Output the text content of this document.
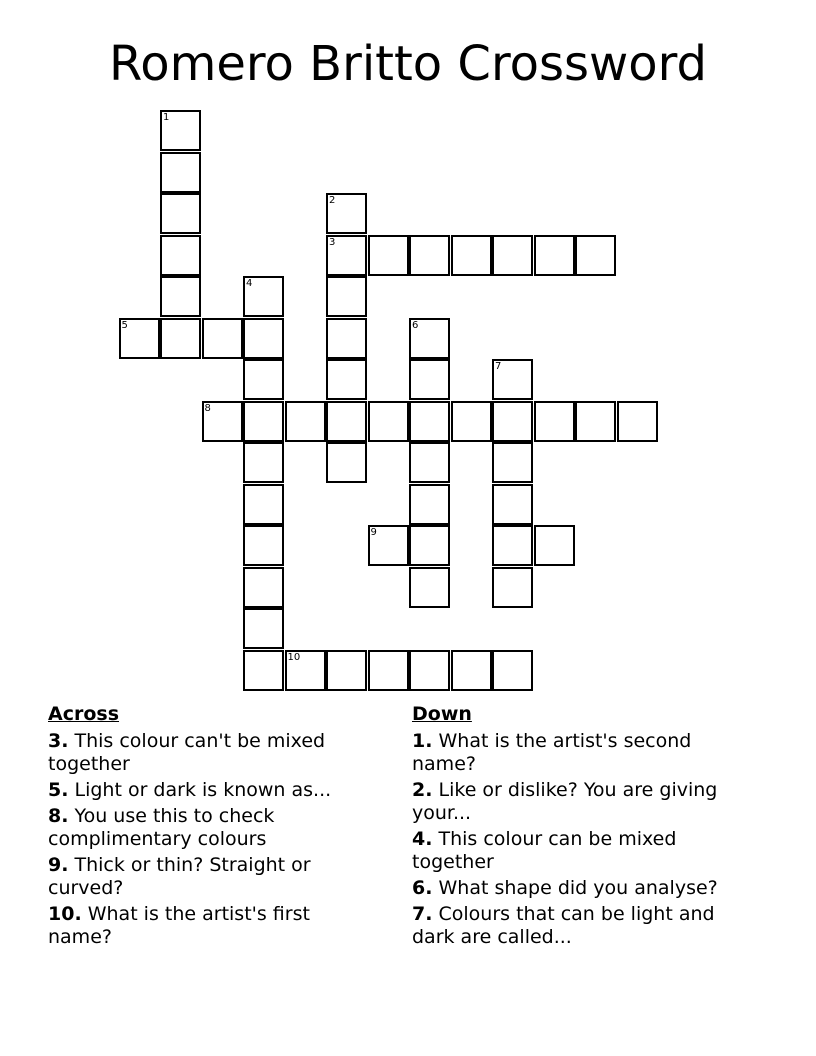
Romero Britto Crossword
1
2
3
4
5	6
7
8
9
10
Across
3. This colour can't be mixed together
5. Light or dark is known as...
8. You use this to check complimentary colours
9. Thick or thin? Straight or curved?
10. What is the artist's first name?
Down
1. What is the artist's second name?
2. Like or dislike? You are giving your...
4. This colour can be mixed together
6. What shape did you analyse?
7. Colours that can be light and dark are called...
